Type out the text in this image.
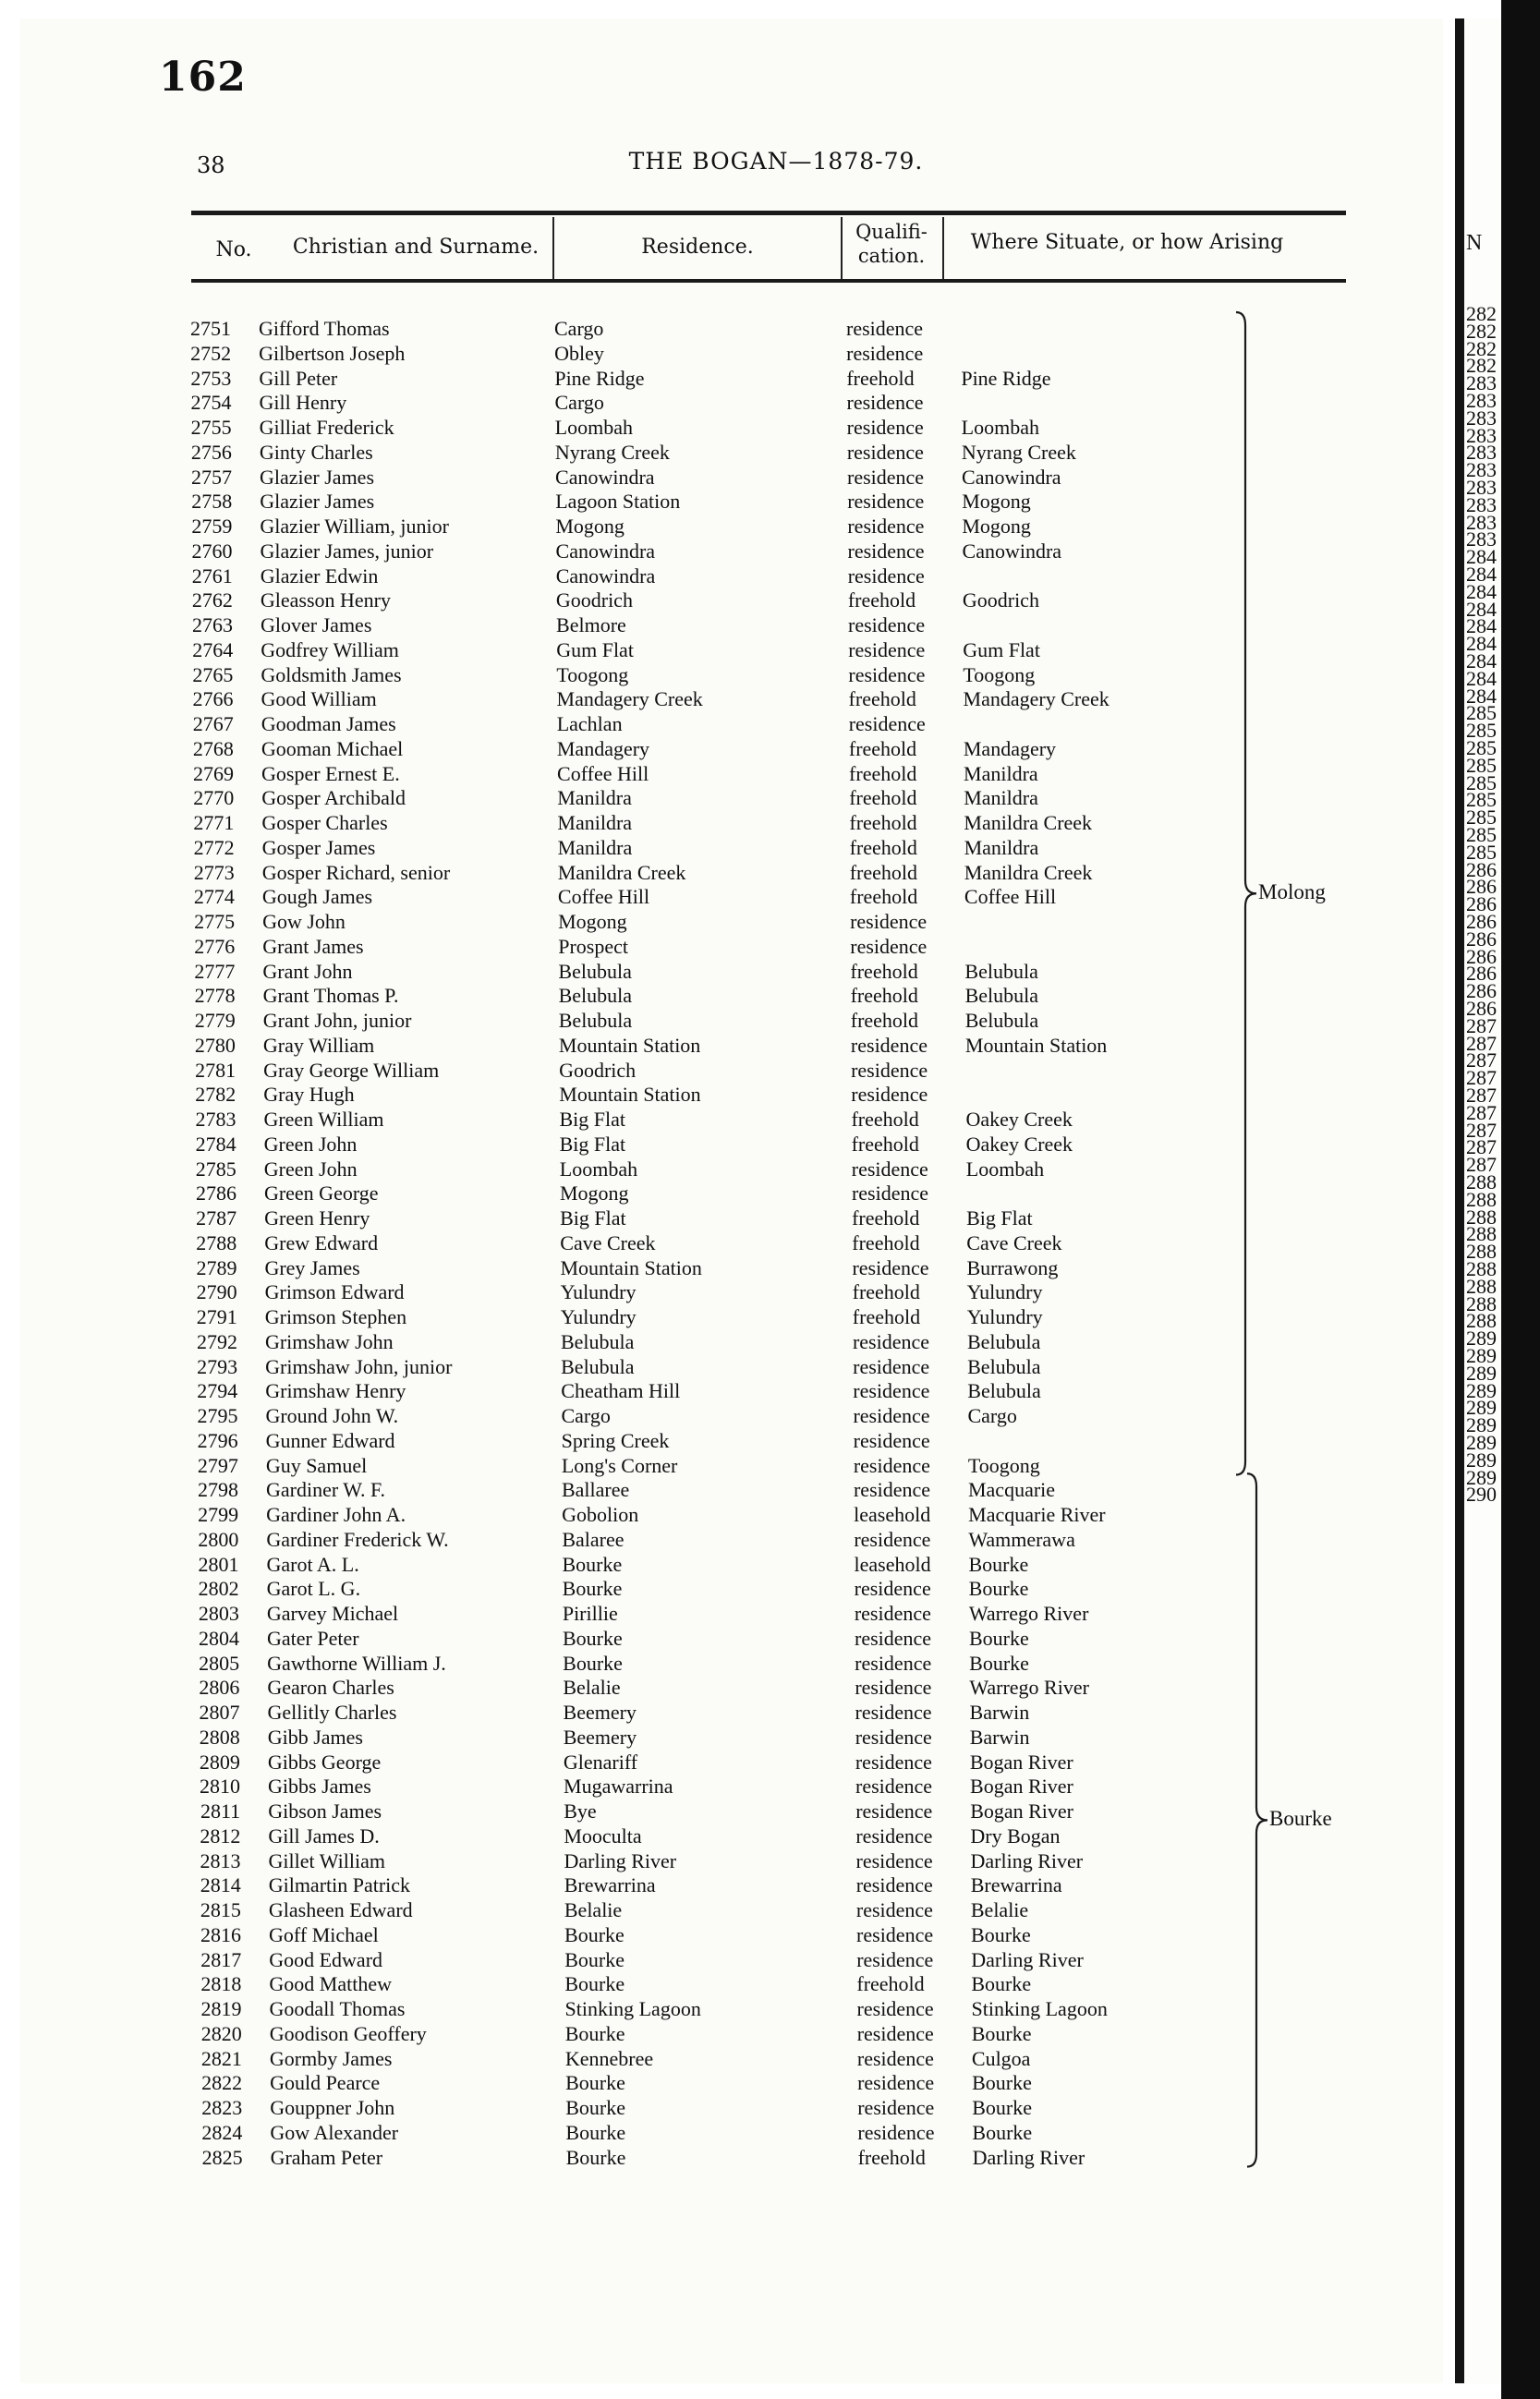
162
38	THE BOGAN—1878-79.
No.	Christian and Surname.	Residence.
Qualifi-
cation.
Where Situate, or how Arising
2751 Gifford Thomas	Cargo	residence
2752 Gilbertson Joseph	Obley	residence
2753 Gill Peter	Pine Ridge	freehold Pine Ridge
2754 Gill Henry	Cargo	residence
2755 Gilliat Frederick	Loombah	residence Loombah
2756 Ginty Charles	Nyrang Creek	residence Nyrang Creek
2757 Glazier James	Canowindra	residence Canowindra
2758 Glazier James	Lagoon Station	residence Mogong
2759 Glazier William, junior	Mogong	residence Mogong
2760 Glazier James, junior	Canowindra	residence Canowindra
2761 Glazier Edwin	Canowindra	residence
2762 Gleasson Henry	Goodrich	freehold Goodrich
2763 Glover James	Belmore	residence
2764 Godfrey William	Gum Flat	residence Gum Flat
2765 Goldsmith James	Toogong	residence Toogong
2766 Good William	Mandagery Creek	freehold Mandagery Creek
2767 Goodman James	Lachlan	residence
2768 Gooman Michael	Mandagery	freehold Mandagery
2769 Gosper Ernest E.	Coffee Hill	freehold Manildra
2770 Gosper Archibald	Manildra	freehold Manildra
2771 Gosper Charles	Manildra	freehold Manildra Creek
2772 Gosper James	Manildra	freehold Manildra
2773 Gosper Richard, senior	Manildra Creek	freehold Manildra Creek
2774 Gough James	Coffee Hill	freehold Coffee Hill
2775 Gow John	Mogong	residence
2776 Grant James	Prospect	residence
2777 Grant John	Belubula	freehold Belubula
2778 Grant Thomas P.	Belubula	freehold Belubula
2779 Grant John, junior	Belubula	freehold Belubula
2780 Gray William	Mountain Station	residence Mountain Station
2781 Gray George William	Goodrich	residence
2782 Gray Hugh	Mountain Station	residence
2783 Green William	Big Flat	freehold Oakey Creek
2784 Green John	Big Flat	freehold Oakey Creek
2785 Green John	Loombah	residence Loombah
2786 Green George	Mogong	residence
2787 Green Henry	Big Flat	freehold Big Flat
2788 Grew Edward	Cave Creek	freehold Cave Creek
2789 Grey James	Mountain Station	residence Burrawong
2790 Grimson Edward	Yulundry	freehold Yulundry
2791 Grimson Stephen	Yulundry	freehold Yulundry
2792 Grimshaw John	Belubula	residence Belubula
2793 Grimshaw John, junior	Belubula	residence Belubula
2794 Grimshaw Henry	Cheatham Hill	residence Belubula
2795 Ground John W.	Cargo	residence Cargo
2796 Gunner Edward	Spring Creek	residence
2797 Guy Samuel	Long's Corner	residence Toogong
2798 Gardiner W. F.	Ballaree	residence Macquarie
2799 Gardiner John A.	Gobolion	leasehold Macquarie River
2800 Gardiner Frederick W.	Balaree	residence Wammerawa
2801 Garot A. L.	Bourke	leasehold Bourke
2802 Garot L. G.	Bourke	residence Bourke
2803 Garvey Michael	Pirillie	residence Warrego River
2804 Gater Peter	Bourke	residence Bourke
2805 Gawthorne William J.	Bourke	residence Bourke
2806 Gearon Charles	Belalie	residence Warrego River
2807 Gellitly Charles	Beemery	residence Barwin
2808 Gibb James	Beemery	residence Barwin
2809 Gibbs George	Glenariff	residence Bogan River
2810 Gibbs James	Mugawarrina	residence Bogan River
2811 Gibson James	Bye	residence Bogan River
2812 Gill James D.	Mooculta	residence Dry Bogan
2813 Gillet William	Darling River	residence Darling River
2814 Gilmartin Patrick	Brewarrina	residence Brewarrina
2815 Glasheen Edward	Belalie	residence Belalie
2816 Goff Michael	Bourke	residence Bourke
2817 Good Edward	Bourke	residence Darling River
2818 Good Matthew	Bourke	freehold Bourke
2819 Goodall Thomas	Stinking Lagoon	residence Stinking Lagoon
2820 Goodison Geoffery	Bourke	residence Bourke
2821 Gormby James	Kennebree	residence Culgoa
2822 Gould Pearce	Bourke	residence Bourke
2823 Gouppner John	Bourke	residence Bourke
2824 Gow Alexander	Bourke	residence Bourke
2825 Graham Peter	Bourke	freehold Darling River
Molong
Bourke
N
282
282
282
282
283
283
283
283
283
283
283
283
283
283
284
284
284
284
284
284
284
284
284
285
285
285
285
285
285
285
285
285
286
286
286
286
286
286
286
286
286
287
287
287
287
287
287
287
287
287
288
288
288
288
288
288
288
288
288
289
289
289
289
289
289
289
289
289
290
